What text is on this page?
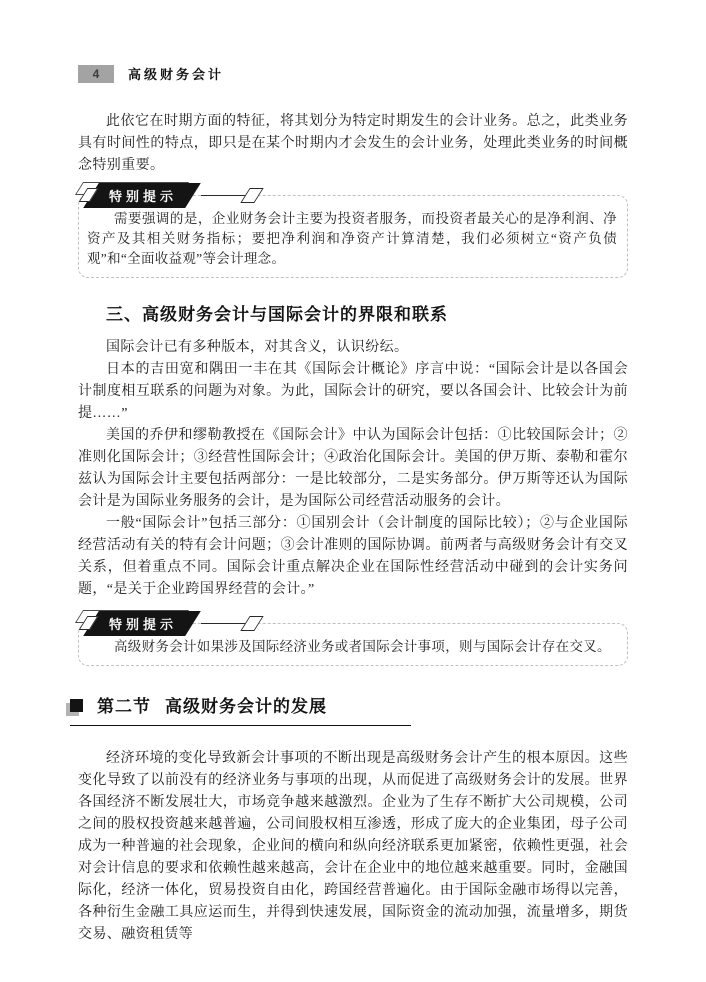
4	高级财务会计

此依它在时期方面的特征，将其划分为特定时期发生的会计业务。总之，此类业务具有时间性的特点，即只是在某个时期内才会发生的会计业务，处理此类业务的时间概念特别重要。

特别提示

需要强调的是，企业财务会计主要为投资者服务，而投资者最关心的是净利润、净资产及其相关财务指标；要把净利润和净资产计算清楚，我们必须树立“资产负债观”和“全面收益观”等会计理念。

三、高级财务会计与国际会计的界限和联系

国际会计已有多种版本，对其含义，认识纷纭。

日本的吉田宽和隅田一丰在其《国际会计概论》序言中说：“国际会计是以各国会计制度相互联系的问题为对象。为此，国际会计的研究，要以各国会计、比较会计为前提……”

美国的乔伊和缪勒教授在《国际会计》中认为国际会计包括：①比较国际会计；②准则化国际会计；③经营性国际会计；④政治化国际会计。美国的伊万斯、泰勒和霍尔兹认为国际会计主要包括两部分：一是比较部分，二是实务部分。伊万斯等还认为国际会计是为国际业务服务的会计，是为国际公司经营活动服务的会计。

一般“国际会计”包括三部分：①国别会计（会计制度的国际比较）；②与企业国际经营活动有关的特有会计问题；③会计准则的国际协调。前两者与高级财务会计有交叉关系，但着重点不同。国际会计重点解决企业在国际性经营活动中碰到的会计实务问题，“是关于企业跨国界经营的会计。”

特别提示

高级财务会计如果涉及国际经济业务或者国际会计事项，则与国际会计存在交叉。

第二节 高级财务会计的发展

经济环境的变化导致新会计事项的不断出现是高级财务会计产生的根本原因。这些变化导致了以前没有的经济业务与事项的出现，从而促进了高级财务会计的发展。世界各国经济不断发展壮大，市场竞争越来越激烈。企业为了生存不断扩大公司规模，公司之间的股权投资越来越普遍，公司间股权相互渗透，形成了庞大的企业集团，母子公司成为一种普遍的社会现象，企业间的横向和纵向经济联系更加紧密，依赖性更强，社会对会计信息的要求和依赖性越来越高，会计在企业中的地位越来越重要。同时，金融国际化，经济一体化，贸易投资自由化，跨国经营普遍化。由于国际金融市场得以完善，各种衍生金融工具应运而生，并得到快速发展，国际资金的流动加强，流量增多，期货交易、融资租赁等
